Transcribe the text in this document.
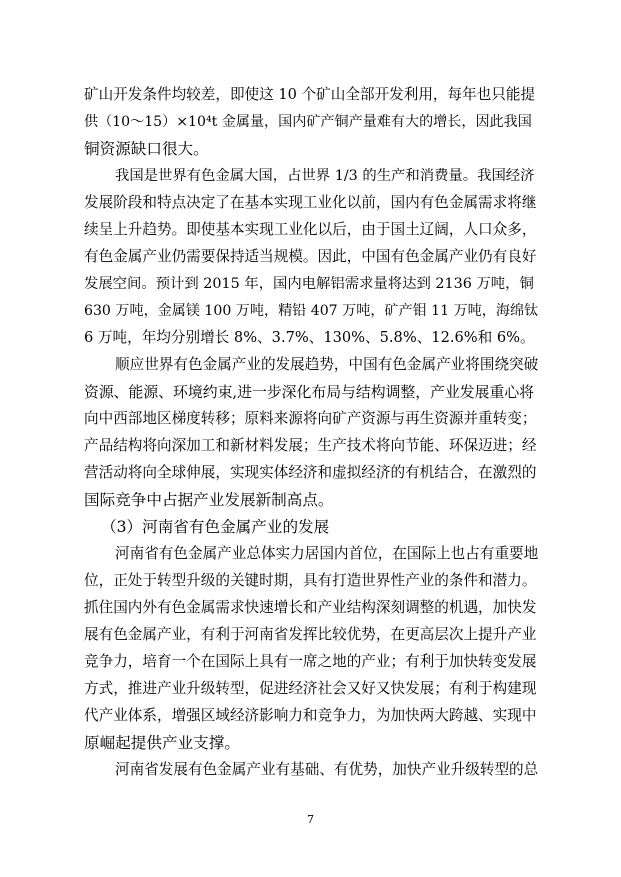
矿山开发条件均较差，即使这 10 个矿山全部开发利用，每年也只能提
供（10～15）×10⁴t 金属量，国内矿产铜产量难有大的增长，因此我国
铜资源缺口很大。
我国是世界有色金属大国，占世界 1/3 的生产和消费量。我国经济
发展阶段和特点决定了在基本实现工业化以前，国内有色金属需求将继
续呈上升趋势。即使基本实现工业化以后，由于国土辽阔，人口众多，
有色金属产业仍需要保持适当规模。因此，中国有色金属产业仍有良好
发展空间。预计到 2015 年，国内电解铝需求量将达到 2136 万吨，铜
630 万吨，金属镁 100 万吨，精铅 407 万吨，矿产钼 11 万吨，海绵钛
6 万吨，年均分别增长 8%、3.7%、130%、5.8%、12.6%和 6%。
顺应世界有色金属产业的发展趋势，中国有色金属产业将围绕突破
资源、能源、环境约束,进一步深化布局与结构调整，产业发展重心将
向中西部地区梯度转移；原料来源将向矿产资源与再生资源并重转变；
产品结构将向深加工和新材料发展；生产技术将向节能、环保迈进；经
营活动将向全球伸展，实现实体经济和虚拟经济的有机结合，在激烈的
国际竞争中占据产业发展新制高点。
（3）河南省有色金属产业的发展
河南省有色金属产业总体实力居国内首位，在国际上也占有重要地
位，正处于转型升级的关键时期，具有打造世界性产业的条件和潜力。
抓住国内外有色金属需求快速增长和产业结构深刻调整的机遇，加快发
展有色金属产业，有利于河南省发挥比较优势，在更高层次上提升产业
竞争力，培育一个在国际上具有一席之地的产业；有利于加快转变发展
方式，推进产业升级转型，促进经济社会又好又快发展；有利于构建现
代产业体系，增强区域经济影响力和竞争力，为加快两大跨越、实现中
原崛起提供产业支撑。
河南省发展有色金属产业有基础、有优势，加快产业升级转型的总
7
